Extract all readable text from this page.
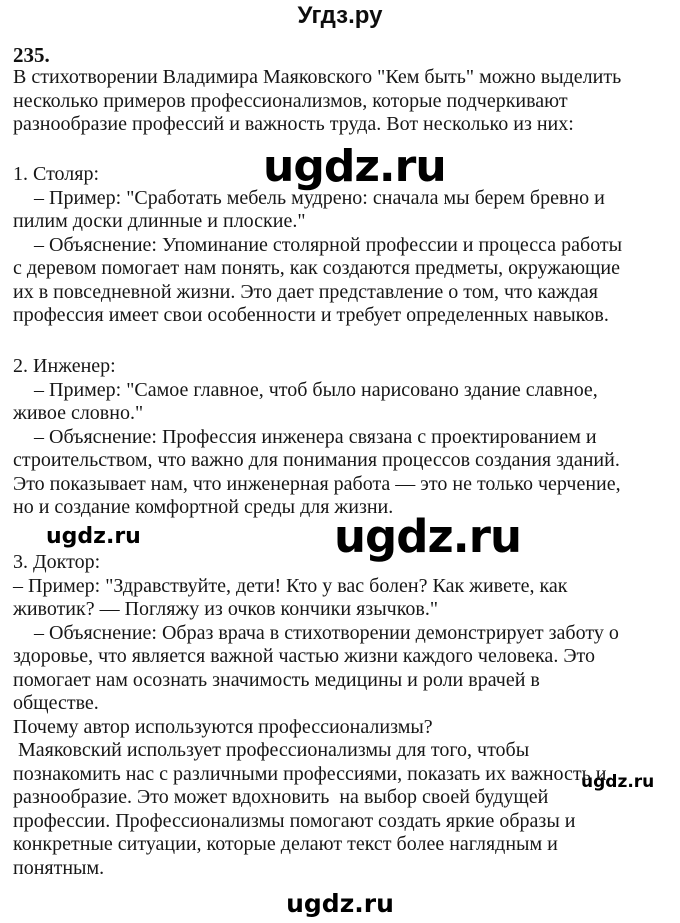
Угдз.ру
ugdz.ru
ugdz.ru	ugdz.ru
ugdz.ru
235.
В стихотворении Владимира Маяковского "Кем быть" можно выделить
несколько примеров профессионализмов, которые подчеркивают
разнообразие профессий и важность труда. Вот несколько из них:
1. Столяр:
– Пример: "Сработать мебель мудрено: сначала мы берем бревно и
пилим доски длинные и плоские."
– Объяснение: Упоминание столярной профессии и процесса работы
с деревом помогает нам понять, как создаются предметы, окружающие
их в повседневной жизни. Это дает представление о том, что каждая
профессия имеет свои особенности и требует определенных навыков.
2. Инженер:
– Пример: "Самое главное, чтоб было нарисовано здание славное,
живое словно."
– Объяснение: Профессия инженера связана с проектированием и
строительством, что важно для понимания процессов создания зданий.
Это показывает нам, что инженерная работа — это не только черчение,
но и создание комфортной среды для жизни.
3. Доктор:
– Пример: "Здравствуйте, дети! Кто у вас болен? Как живете, как
животик? — Погляжу из очков кончики язычков."
– Объяснение: Образ врача в стихотворении демонстрирует заботу о
здоровье, что является важной частью жизни каждого человека. Это
помогает нам осознать значимость медицины и роли врачей в
обществе.
Почему автор используются профессионализмы?
Маяковский использует профессионализмы для того, чтобы
познакомить нас с различными профессиями, показать их важность и
разнообразие. Это может вдохновить  на выбор своей будущей
профессии. Профессионализмы помогают создать яркие образы и
конкретные ситуации, которые делают текст более наглядным и
понятным.
ugdz.ru
